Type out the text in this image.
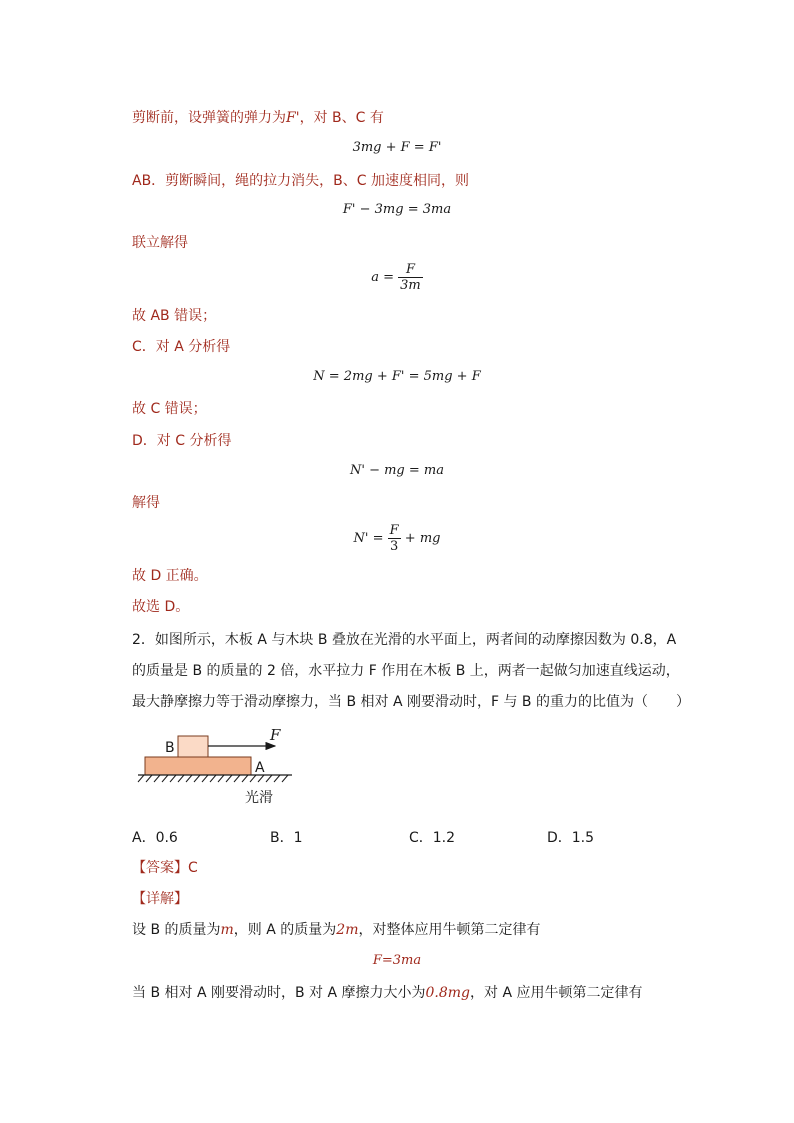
剪断前，设弹簧的弹力为F'，对 B、C 有
3mg + F = F'
AB．剪断瞬间，绳的拉力消失，B、C 加速度相同，则
F' − 3mg = 3ma
联立解得
$a = \frac{F}{3m}$
故 AB 错误；
C．对 A 分析得
N = 2mg + F' = 5mg + F
故 C 错误；
D．对 C 分析得
N' − mg = ma
解得
$N' = \frac{F}{3}$ + mg
故 D 正确。
故选 D。
2．如图所示，木板 A 与木块 B 叠放在光滑的水平面上，两者间的动摩擦因数为 0.8，A
的质量是 B 的质量的 2 倍，水平拉力 F 作用在木板 B 上，两者一起做匀加速直线运动，
最大静摩擦力等于滑动摩擦力，当 B 相对 A 刚要滑动时，F 与 B 的重力的比值为（　　）
B
A
F
光滑
A．0.6	B．1	C．1.2	D．1.5
【答案】C
【详解】
设 B 的质量为m，则 A 的质量为2m，对整体应用牛顿第二定律有
F=3ma
当 B 相对 A 刚要滑动时，B 对 A 摩擦力大小为0.8mg，对 A 应用牛顿第二定律有
